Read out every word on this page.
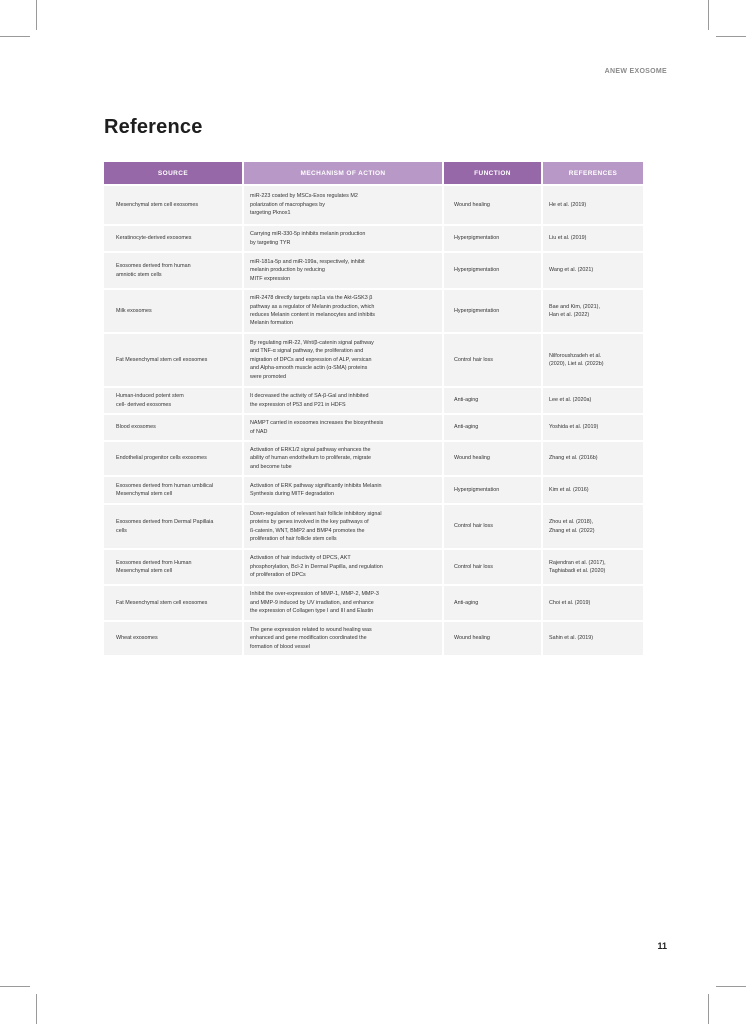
ANEW EXOSOME
Reference
SOURCE	MECHANISM OF ACTION	FUNCTION	REFERENCES
Mesenchymal stem cell exosomes	miR-223 coated by MSCs-Exos regulates M2
polarization of macrophages by
targeting Pknox1	Wound healing	He et al. (2019)
Keratinocyte-derived exosomes	Carrying miR-330-5p inhibits melanin production
by targeting TYR	Hyperpigmentation	Liu et al. (2019)
Exosomes derived from human
amniotic stem cells	miR-181a-5p and miR-199a, respectively, inhibit
melanin production by reducing
MITF expression	Hyperpigmentation	Wang et al. (2021)
Milk exosomes	miR-2478 directly targets rap1a via the Akt-GSK3 β
pathway as a regulator of Melanin production, which
reduces Melanin content in melanocytes and inhibits
Melanin formation	Hyperpigmentation	Bae and Kim, (2021),
Han et al. (2022)
Fat Mesenchymal stem cell exosomes	By regulating miR-22, Wnt/β-catenin signal pathway
and TNF-α signal pathway, the proliferation and
migration of DPCs and expression of ALP, versican
and Alpha-smooth muscle actin (α-SMA) proteins
were promoted	Control hair loss	Nilforoushzadeh et al.
(2020), Liet al. (2022b)
Human-induced potent stem
cell- derived exosomes	It decreased the activity of SA-β-Gal and inhibited
the expression of P53 and P21 in HDFS	Anti-aging	Lee et al. (2020a)
Blood exosomes	NAMPT carried in exosomes increases the biosynthesis
of NAD	Anti-aging	Yoshida et al. (2019)
Endothelial progenitor cells exosomes	Activation of ERK1/2 signal pathway enhances the
ability of human endothelium to proliferate, migrate
and become tube	Wound healing	Zhang et al. (2016b)
Exosomes derived from human umbilical
Mesenchymal stem cell	Activation of ERK pathway significantly inhibits Melanin
Synthesis during MITF degradation	Hyperpigmentation	Kim et al. (2016)
Exosomes derived from Dermal Papillaia
cells	Down-regulation of relevant hair follicle inhibitory signal
proteins by genes involved in the key pathways of
ß-catenin, WNT, BMP2 and BMP4 promotes the
proliferation of hair follicle stem cells	Control hair loss	Zhou et al. (2018),
Zhang et al. (2022)
Exosomes derived from Human
Mesenchymal stem cell	Activation of hair inductivity of DPCS, AKT
phosphorylation, Bcl-2 in Dermal Papilla, and regulation
of proliferation of DPCs	Control hair loss	Rajendran et al. (2017),
Taghiabadi et al. (2020)
Fat Mesenchymal stem cell exosomes	Inhibit the over-expression of MMP-1, MMP-2, MMP-3
and MMP-9 induced by UV irradiation, and enhance
the expression of Collagen type I and III and Elastin	Anti-aging	Choi et al. (2019)
Wheat exosomes	The gene expression related to wound healing was
enhanced and gene modification coordinated the
formation of blood vessel	Wound healing	Sahin et al. (2019)
11
